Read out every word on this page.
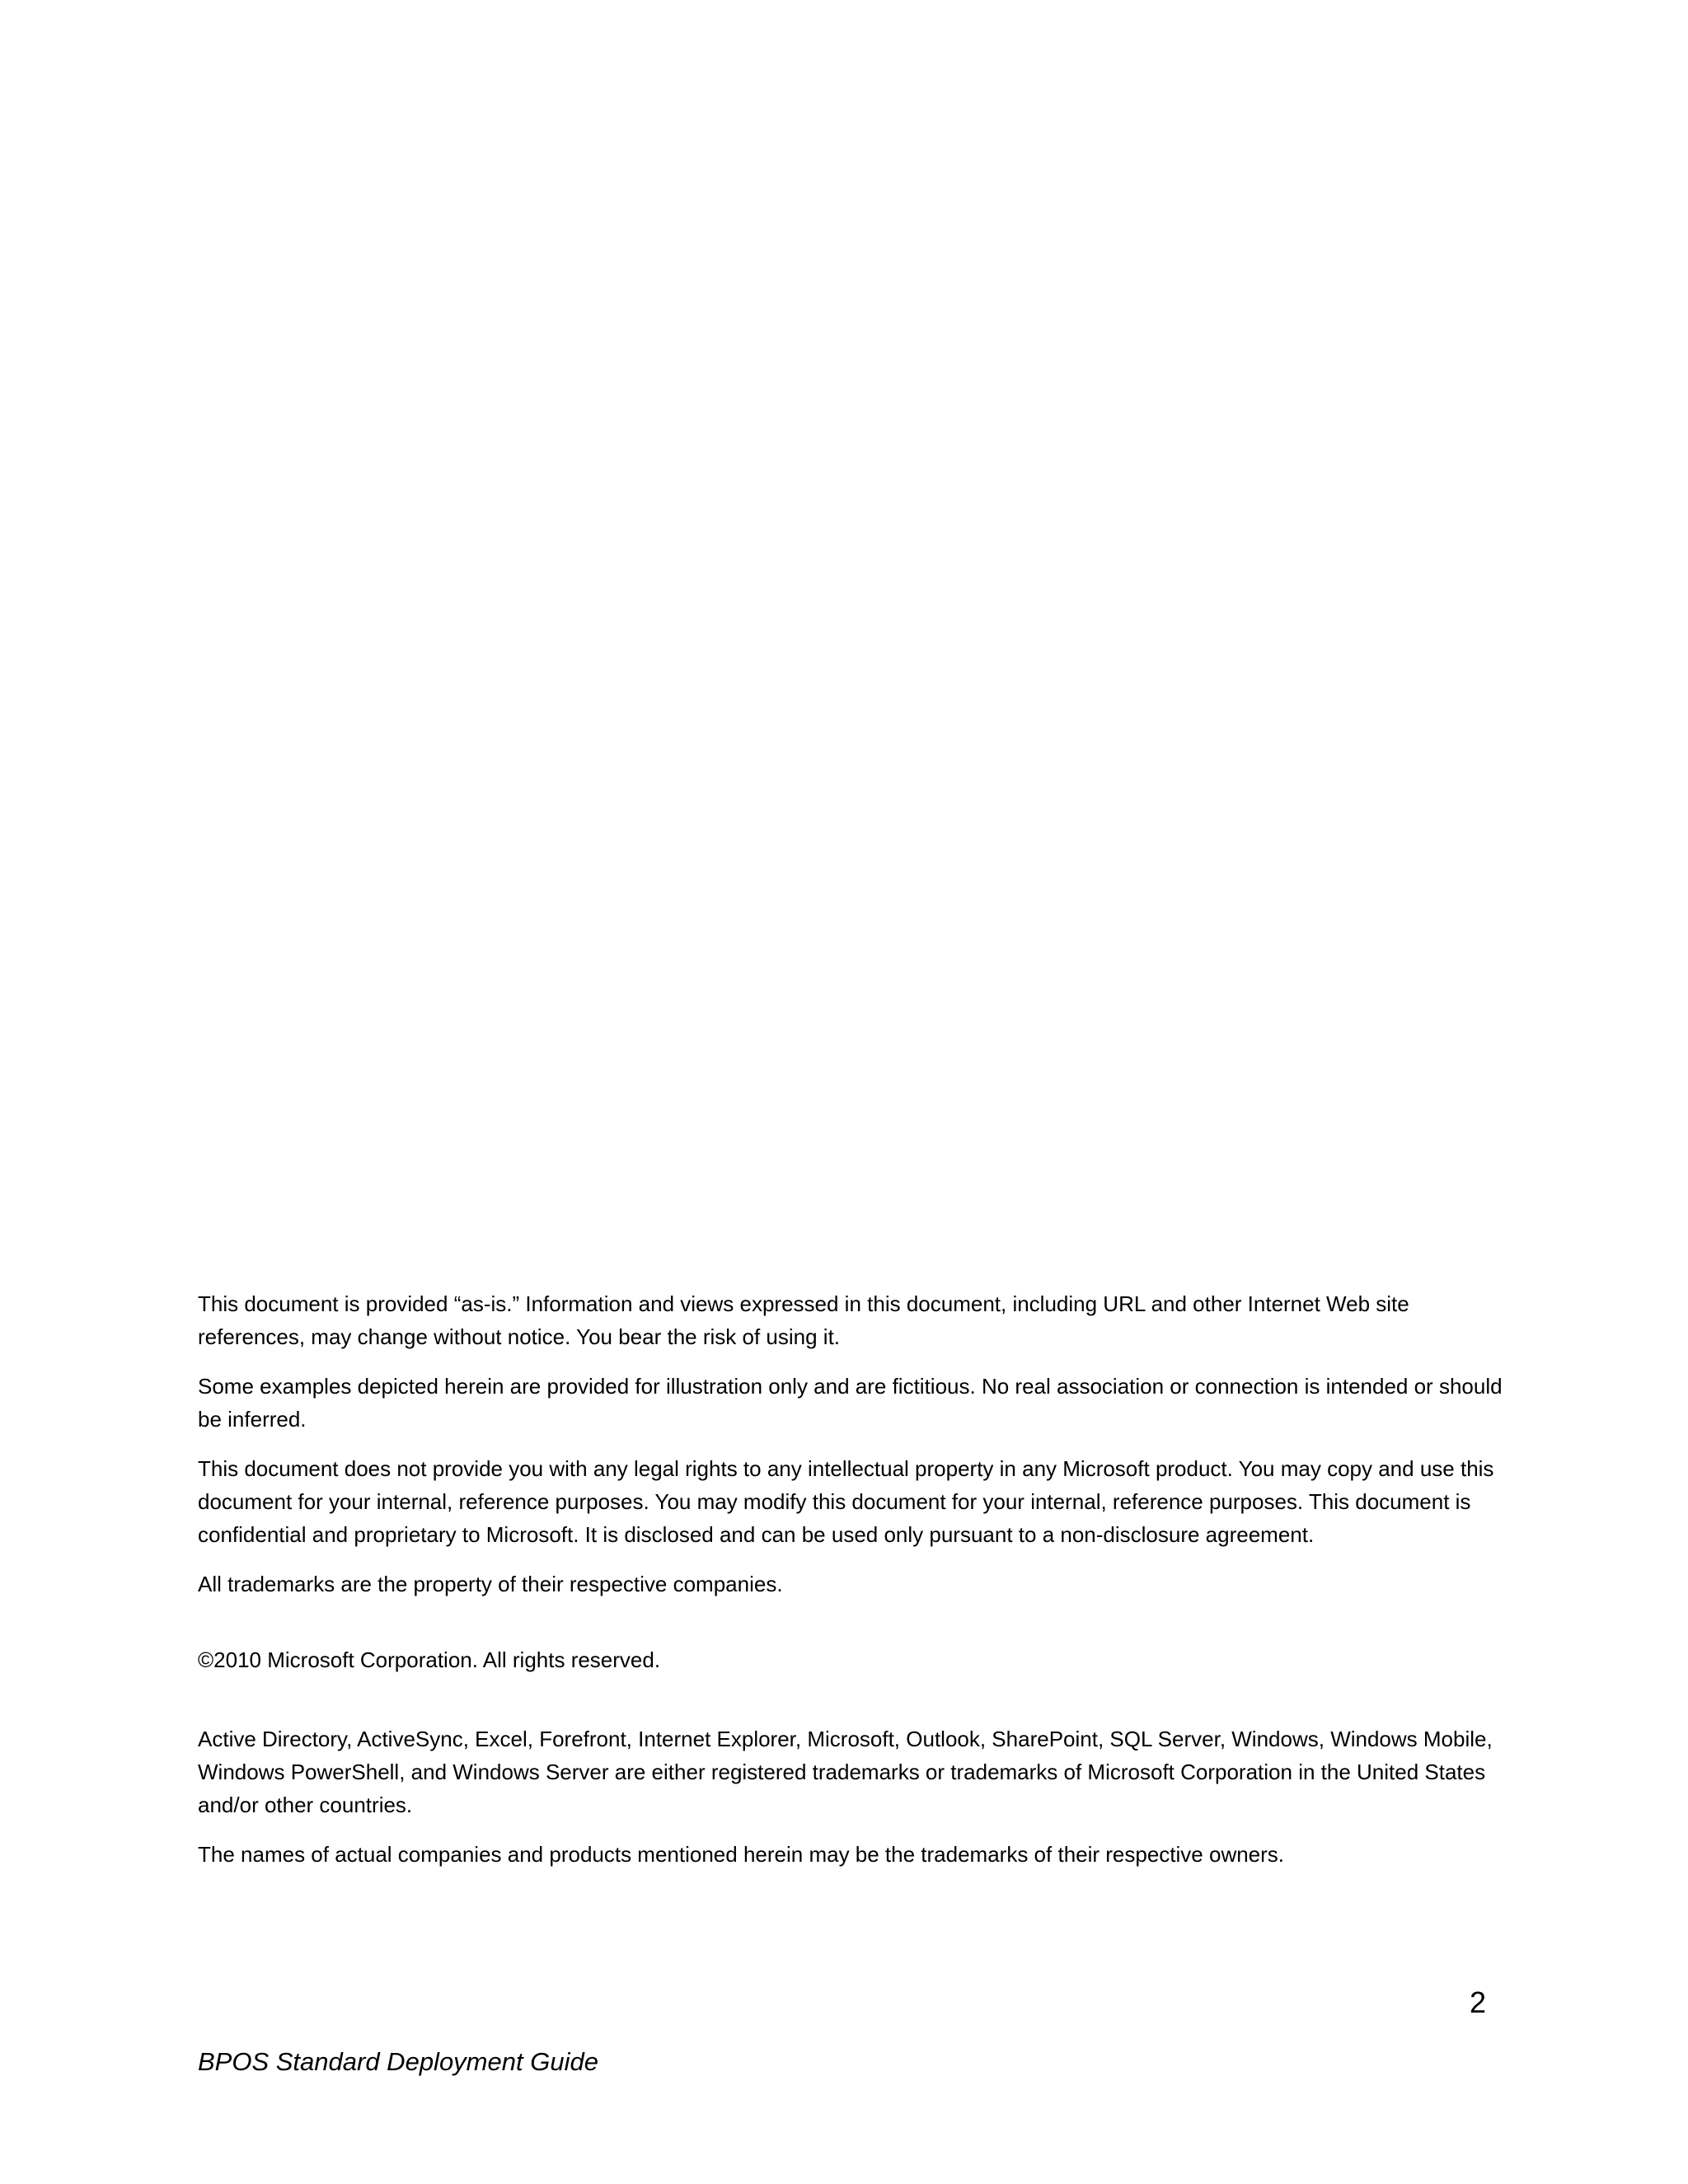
This document is provided “as-is.” Information and views expressed in this document, including URL and other Internet Web site references, may change without notice. You bear the risk of using it.

Some examples depicted herein are provided for illustration only and are fictitious. No real association or connection is intended or should be inferred.

This document does not provide you with any legal rights to any intellectual property in any Microsoft product. You may copy and use this document for your internal, reference purposes. You may modify this document for your internal, reference purposes. This document is confidential and proprietary to Microsoft. It is disclosed and can be used only pursuant to a non-disclosure agreement.

All trademarks are the property of their respective companies.

©2010 Microsoft Corporation. All rights reserved.

Active Directory, ActiveSync, Excel, Forefront, Internet Explorer, Microsoft, Outlook, SharePoint, SQL Server, Windows, Windows Mobile, Windows PowerShell, and Windows Server are either registered trademarks or trademarks of Microsoft Corporation in the United States and/or other countries.

The names of actual companies and products mentioned herein may be the trademarks of their respective owners.

2
BPOS Standard Deployment Guide
